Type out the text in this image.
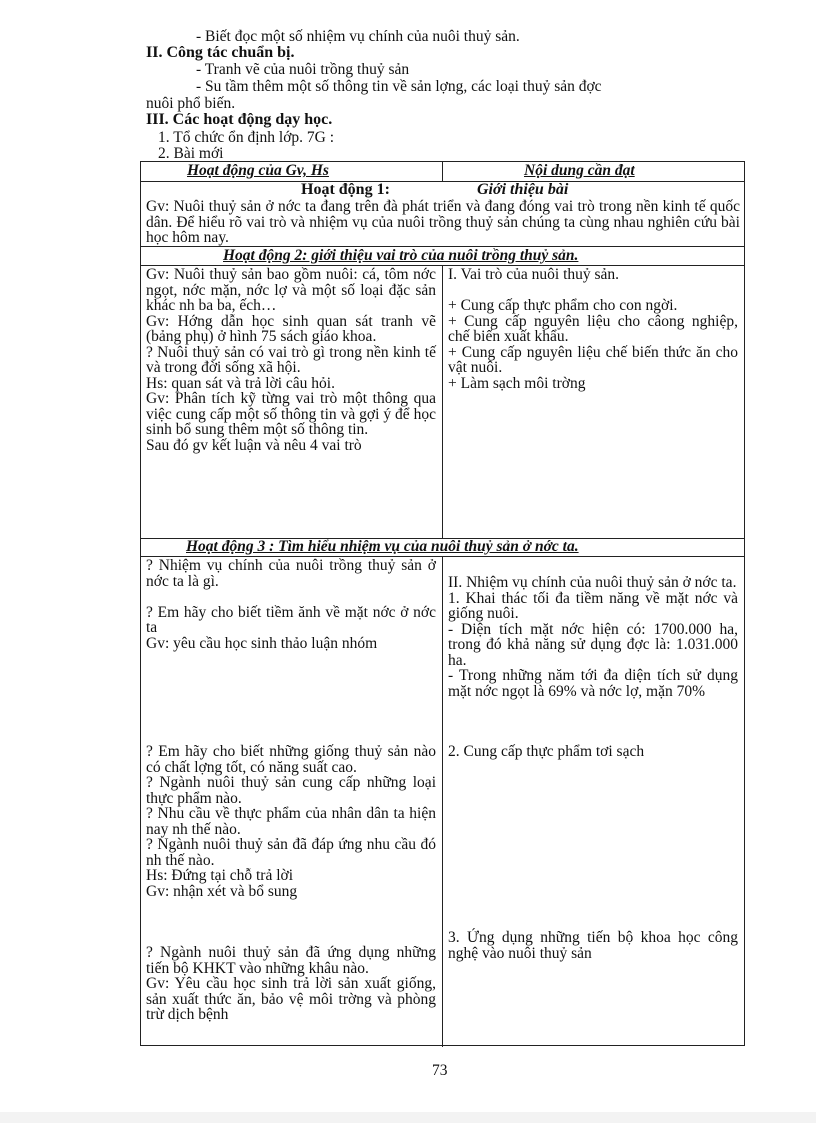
- Biết đọc một số nhiệm vụ chính của nuôi thuỷ sản.
II. Công tác chuẩn bị.
- Tranh vẽ của nuôi trồng thuỷ sản
- Su tầm thêm một số thông tin về sản lợng, các loại thuỷ sản đợc
nuôi phổ biến.
III. Các hoạt động dạy học.
1. Tổ chức ổn định lớp. 7G :
2. Bài mới
Hoạt động của Gv, Hs	Nội dung cần đạt
Hoạt động 1:	Giới thiệu bài
Gv: Nuôi thuỷ sản ở nớc ta đang trên đà phát triển và đang đóng vai trò trong nền kinh tế quốc dân. Để hiểu rõ vai trò và nhiệm vụ của nuôi trồng thuỷ sản chúng ta cùng nhau nghiên cứu bài học hôm nay.
Hoạt động 2: giới thiệu vai trò của nuôi trồng thuỷ sản.
Gv: Nuôi thuỷ sản bao gồm nuôi: cá, tôm nớc ngọt, nớc mặn, nớc lợ và một số loại đặc sản khác nh ba ba, ếch…
Gv: Hớng dẫn học sinh quan sát tranh vẽ (bảng phụ) ở hình 75 sách giáo khoa.
? Nuôi thuỷ sản có vai trò gì trong nền kinh tế và trong đời sống xã hội.
Hs: quan sát và trả lời câu hỏi.
Gv: Phân tích kỹ từng vai trò một thông qua việc cung cấp một số thông tin và gợi ý để học sinh bổ sung thêm một số thông tin.
Sau đó gv kết luận và nêu 4 vai trò
I. Vai trò của nuôi thuỷ sản.

+ Cung cấp thực phẩm cho con ngời.
+ Cung cấp nguyên liệu cho câong nghiệp, chế biến xuất khẩu.
+ Cung cấp nguyên liệu chế biến thức ăn cho vật nuôi.
+ Làm sạch môi trờng
Hoạt động 3 : Tìm hiểu nhiệm vụ của nuôi thuỷ sản ở nớc ta.
? Nhiệm vụ chính của nuôi trồng thuỷ sản ở nớc ta là gì.

? Em hãy cho biết tiềm ănh về mặt nớc ở nớc ta
Gv: yêu cầu học sinh thảo luận nhóm
? Em hãy cho biết những giống thuỷ sản nào có chất lợng tốt, có năng suất cao.
? Ngành nuôi thuỷ sản cung cấp những loại thực phẩm nào.
? Nhu cầu về thực phẩm của nhân dân ta hiện nay nh thế nào.
? Ngành nuôi thuỷ sản đã đáp ứng nhu cầu đó nh thế nào.
Hs: Đứng tại chỗ trả lời
Gv: nhận xét và bổ sung
? Ngành nuôi thuỷ sản đã ứng dụng những tiến bộ KHKT vào những khâu nào.
Gv: Yêu cầu học sinh trả lời sản xuất giống, sản xuất thức ăn, bảo vệ môi trờng và phòng trừ dịch bệnh
II. Nhiệm vụ chính của nuôi thuỷ sản ở nớc ta.
1. Khai thác tối đa tiềm năng về mặt nớc và giống nuôi.
- Diện tích mặt nớc hiện có: 1700.000 ha, trong đó khả năng sử dụng đợc là: 1.031.000 ha.
- Trong những năm tới đa diện tích sử dụng mặt nớc ngọt là 69% và nớc lợ, mặn 70%
2. Cung cấp thực phẩm tơi sạch
3. Ứng dụng những tiến bộ khoa học công nghệ vào nuôi thuỷ sản
73
